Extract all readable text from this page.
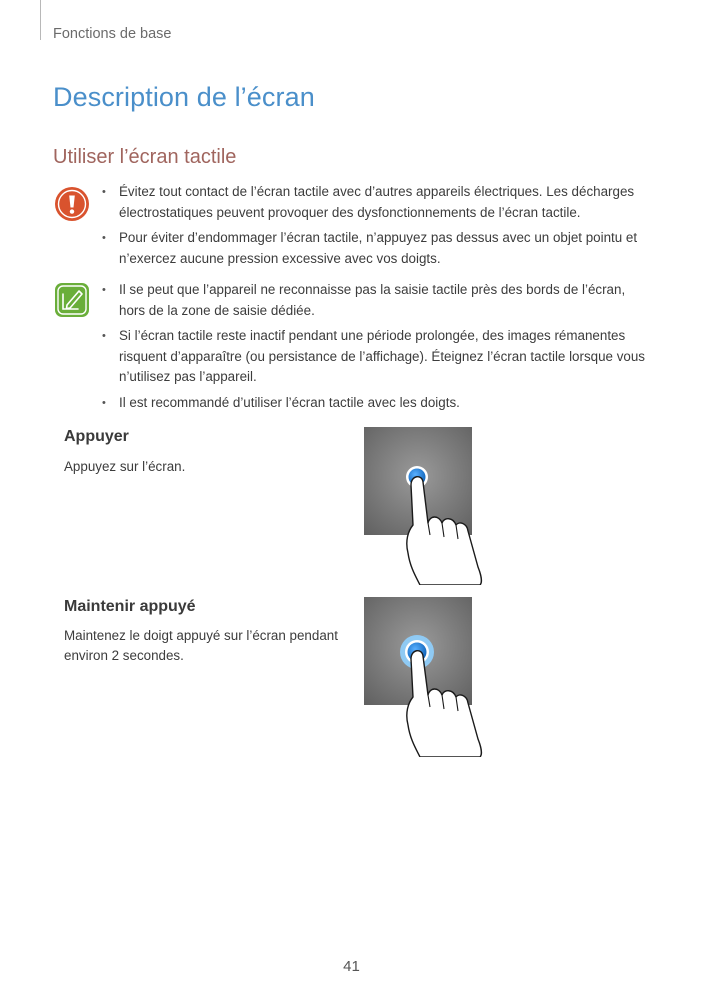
Fonctions de base
Description de l’écran
Utiliser l’écran tactile
• Évitez tout contact de l’écran tactile avec d’autres appareils électriques. Les décharges électrostatiques peuvent provoquer des dysfonctionnements de l’écran tactile.
• Pour éviter d’endommager l’écran tactile, n’appuyez pas dessus avec un objet pointu et n’exercez aucune pression excessive avec vos doigts.
• Il se peut que l’appareil ne reconnaisse pas la saisie tactile près des bords de l’écran, hors de la zone de saisie dédiée.
• Si l’écran tactile reste inactif pendant une période prolongée, des images rémanentes risquent d’apparaître (ou persistance de l’affichage). Éteignez l’écran tactile lorsque vous n’utilisez pas l’appareil.
• Il est recommandé d’utiliser l’écran tactile avec les doigts.
Appuyer

Appuyez sur l’écran.

Maintenir appuyé

Maintenez le doigt appuyé sur l’écran pendant environ 2 secondes.

41
